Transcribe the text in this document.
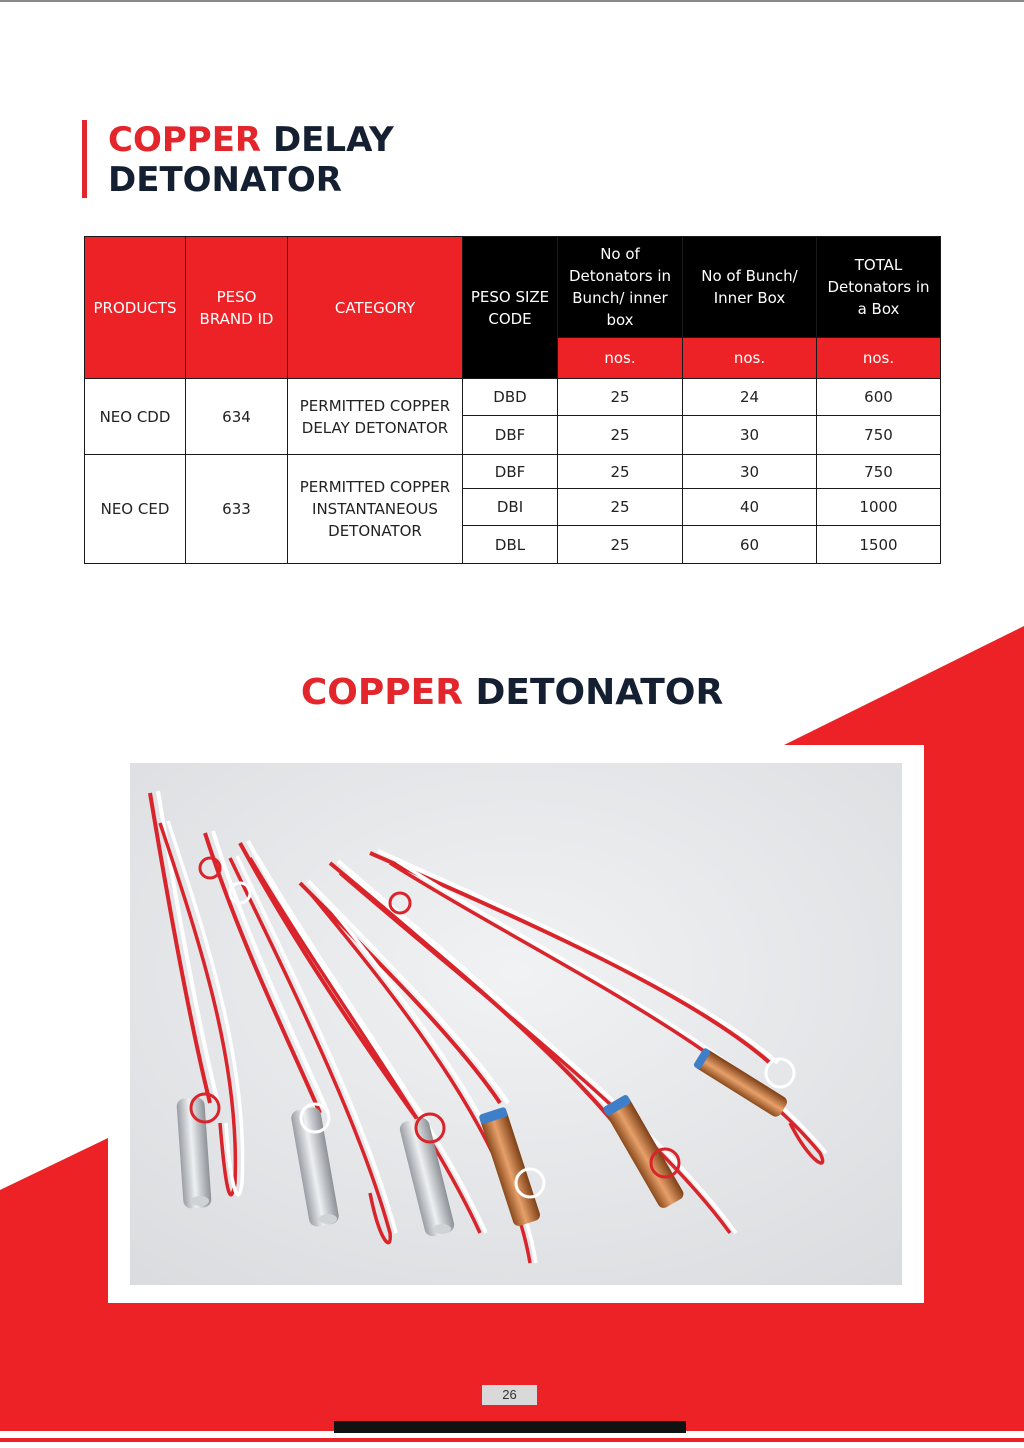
COPPER DELAY
DETONATOR
PRODUCTS	PESO BRAND ID	CATEGORY	PESO SIZE CODE	No of Detonators in Bunch/ inner box	No of Bunch/ Inner Box	TOTAL Detonators in a Box
				nos.	nos.	nos.
NEO CDD	634	PERMITTED COPPER DELAY DETONATOR	DBD	25	24	600
			DBF	25	30	750
NEO CED	633	PERMITTED COPPER INSTANTANEOUS DETONATOR	DBF	25	30	750
			DBI	25	40	1000
			DBL	25	60	1500
COPPER DETONATOR
26
